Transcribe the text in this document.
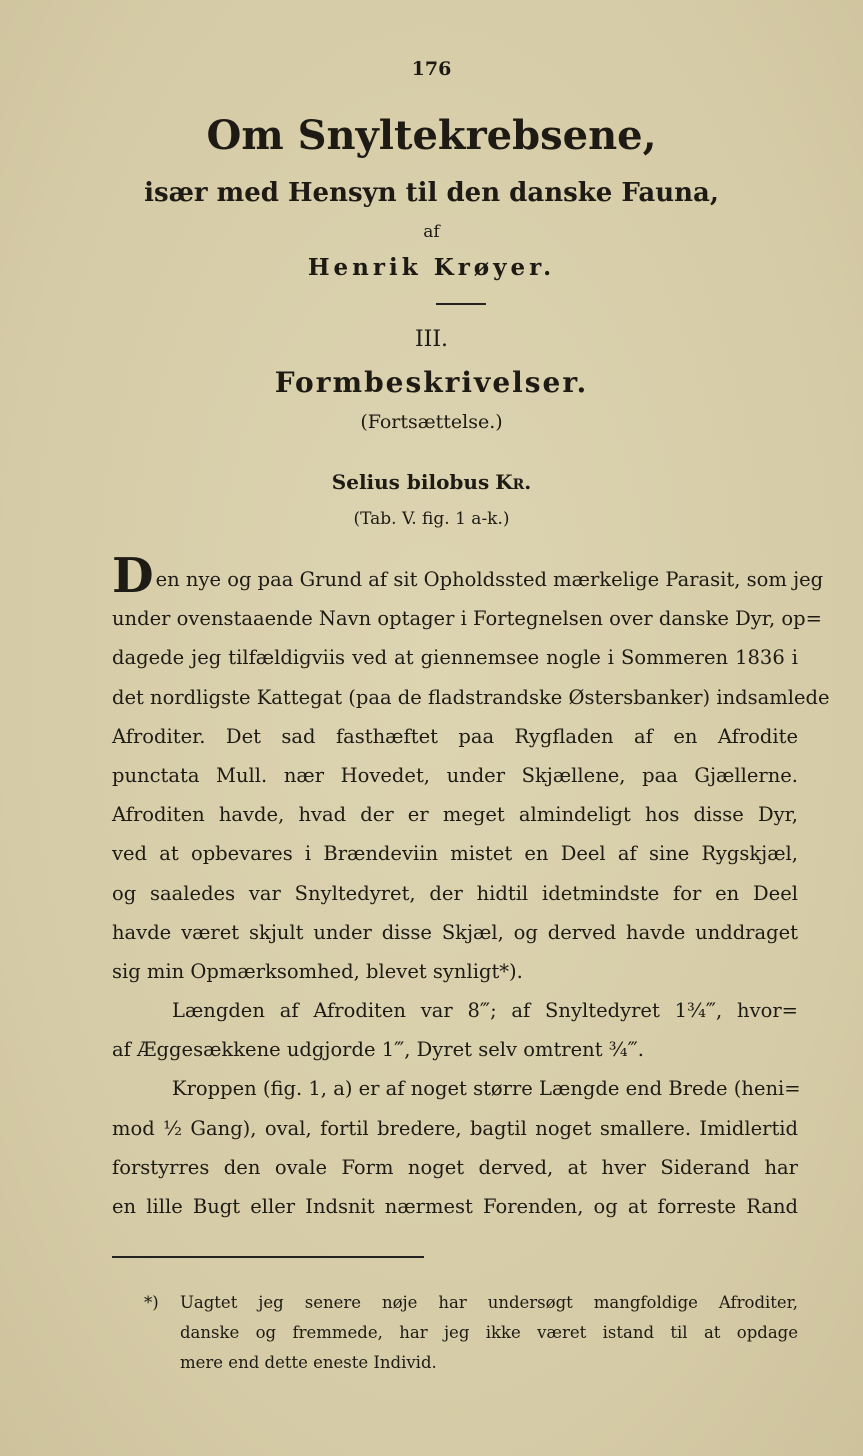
176
Om Snyltekrebsene,
især med Hensyn til den danske Fauna,
af
Henrik Krøyer.
III.
Formbeskrivelser.
(Fortsættelse.)
Selius bilobus Kr.
(Tab. V. fig. 1 a-k.)
Den nye og paa Grund af sit Opholdssted mærkelige Parasit, som jeg
under ovenstaaende Navn optager i Fortegnelsen over danske Dyr, op=
dagede jeg tilfældigviis ved at giennemsee nogle i Sommeren 1836 i
det nordligste Kattegat (paa de fladstrandske Østersbanker) indsamlede
Afroditer. Det sad fasthæftet paa Rygfladen af en Afrodite
punctata Mull. nær Hovedet, under Skjællene, paa Gjællerne.
Afroditen havde, hvad der er meget almindeligt hos disse Dyr,
ved at opbevares i Brændeviin mistet en Deel af sine Rygskjæl,
og saaledes var Snyltedyret, der hidtil idetmindste for en Deel
havde været skjult under disse Skjæl, og derved havde unddraget
sig min Opmærksomhed, blevet synligt*).
Længden af Afroditen var 8‴; af Snyltedyret 1¾‴, hvor=
af Æggesækkene udgjorde 1‴, Dyret selv omtrent ¾‴.
Kroppen (fig. 1, a) er af noget større Længde end Brede (heni=
mod ½ Gang), oval, fortil bredere, bagtil noget smallere. Imidlertid
forstyrres den ovale Form noget derved, at hver Siderand har
en lille Bugt eller Indsnit nærmest Forenden, og at forreste Rand
*) Uagtet jeg senere nøje har undersøgt mangfoldige Afroditer,
danske og fremmede, har jeg ikke været istand til at opdage
mere end dette eneste Individ.
